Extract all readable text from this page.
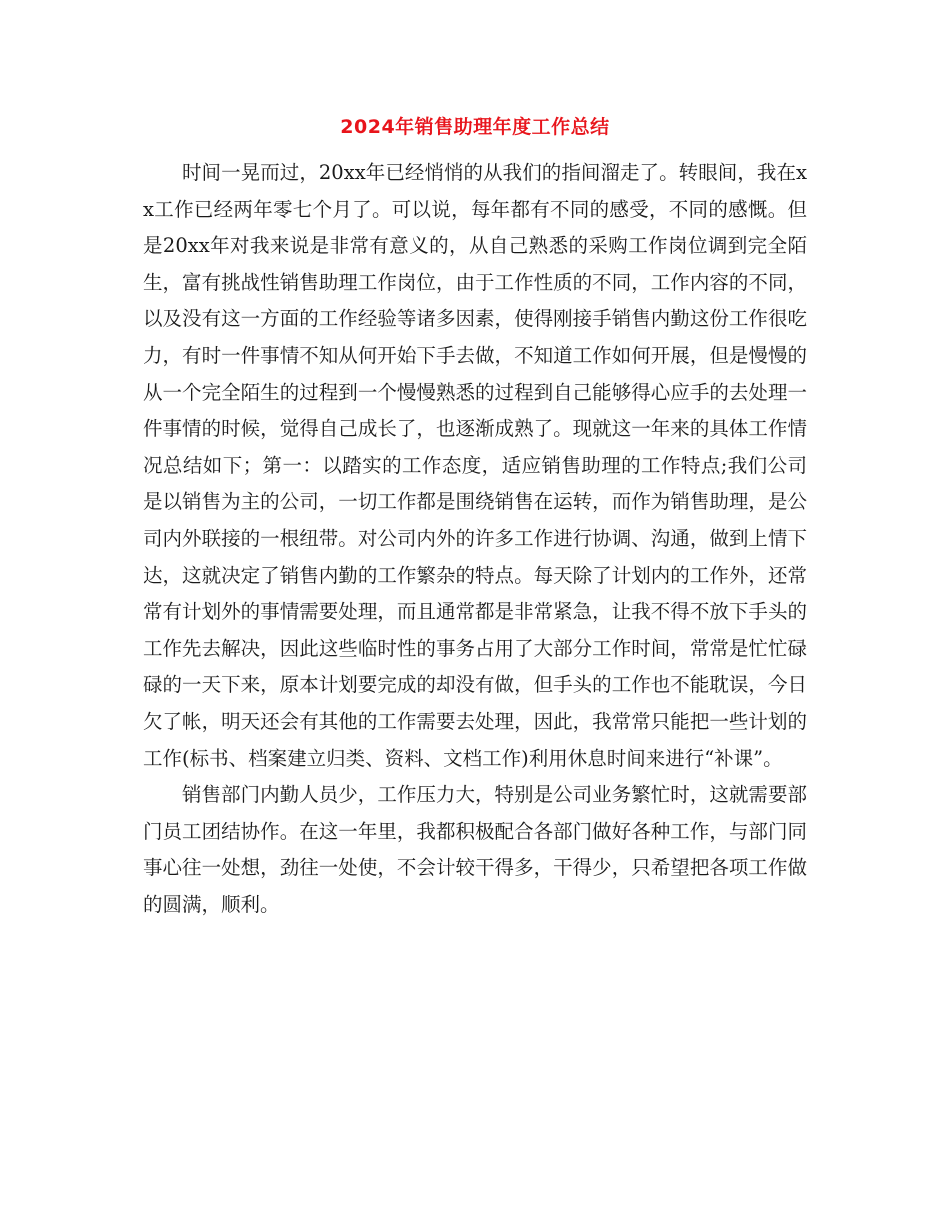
2024年销售助理年度工作总结

时间一晃而过，20xx年已经悄悄的从我们的指间溜走了。转眼间，我在xx工作已经两年零七个月了。可以说，每年都有不同的感受，不同的感慨。但是20xx年对我来说是非常有意义的，从自己熟悉的采购工作岗位调到完全陌生，富有挑战性销售助理工作岗位，由于工作性质的不同，工作内容的不同，以及没有这一方面的工作经验等诸多因素，使得刚接手销售内勤这份工作很吃力，有时一件事情不知从何开始下手去做，不知道工作如何开展，但是慢慢的从一个完全陌生的过程到一个慢慢熟悉的过程到自己能够得心应手的去处理一件事情的时候，觉得自己成长了，也逐渐成熟了。现就这一年来的具体工作情况总结如下；第一：以踏实的工作态度，适应销售助理的工作特点;我们公司是以销售为主的公司，一切工作都是围绕销售在运转，而作为销售助理，是公司内外联接的一根纽带。对公司内外的许多工作进行协调、沟通，做到上情下达，这就决定了销售内勤的工作繁杂的特点。每天除了计划内的工作外，还常常有计划外的事情需要处理，而且通常都是非常紧急，让我不得不放下手头的工作先去解决，因此这些临时性的事务占用了大部分工作时间，常常是忙忙碌碌的一天下来，原本计划要完成的却没有做，但手头的工作也不能耽误，今日欠了帐，明天还会有其他的工作需要去处理，因此，我常常只能把一些计划的工作(标书、档案建立归类、资料、文档工作)利用休息时间来进行“补课”。

销售部门内勤人员少，工作压力大，特别是公司业务繁忙时，这就需要部门员工团结协作。在这一年里，我都积极配合各部门做好各种工作，与部门同事心往一处想，劲往一处使，不会计较干得多，干得少，只希望把各项工作做的圆满，顺利。
